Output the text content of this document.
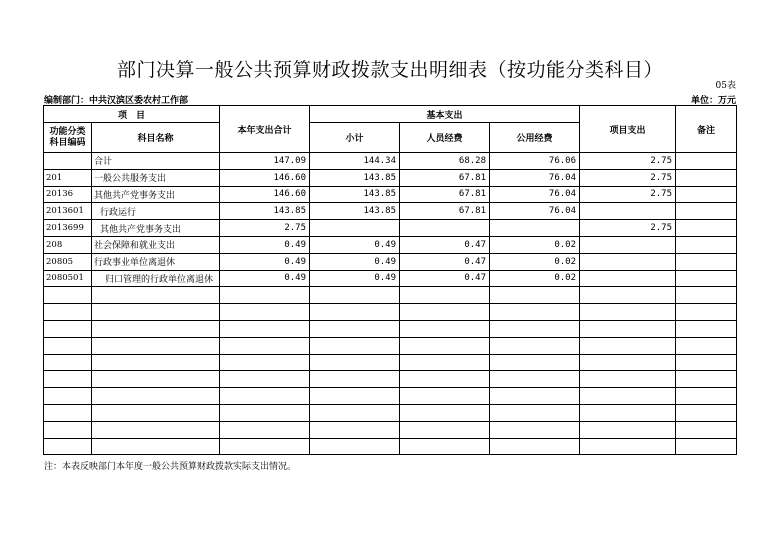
部门决算一般公共预算财政拨款支出明细表（按功能分类科目）
05表
编制部门：中共汉滨区委农村工作部	单位：万元
项　目		本年支出合计	基本支出			项目支出	备注
功能分类科目编码	科目名称		小计	人员经费	公用经费		

	合计	147.09	144.34	68.28	76.06	2.75	
201	一般公共服务支出	146.60	143.85	67.81	76.04	2.75	
20136	其他共产党事务支出	146.60	143.85	67.81	76.04	2.75	
2013601	行政运行	143.85	143.85	67.81	76.04		
2013699	其他共产党事务支出	2.75				2.75	
208	社会保障和就业支出	0.49	0.49	0.47	0.02		
20805	行政事业单位离退休	0.49	0.49	0.47	0.02		
2080501	归口管理的行政单位离退休	0.49	0.49	0.47	0.02		

注：本表反映部门本年度一般公共预算财政拨款实际支出情况。
